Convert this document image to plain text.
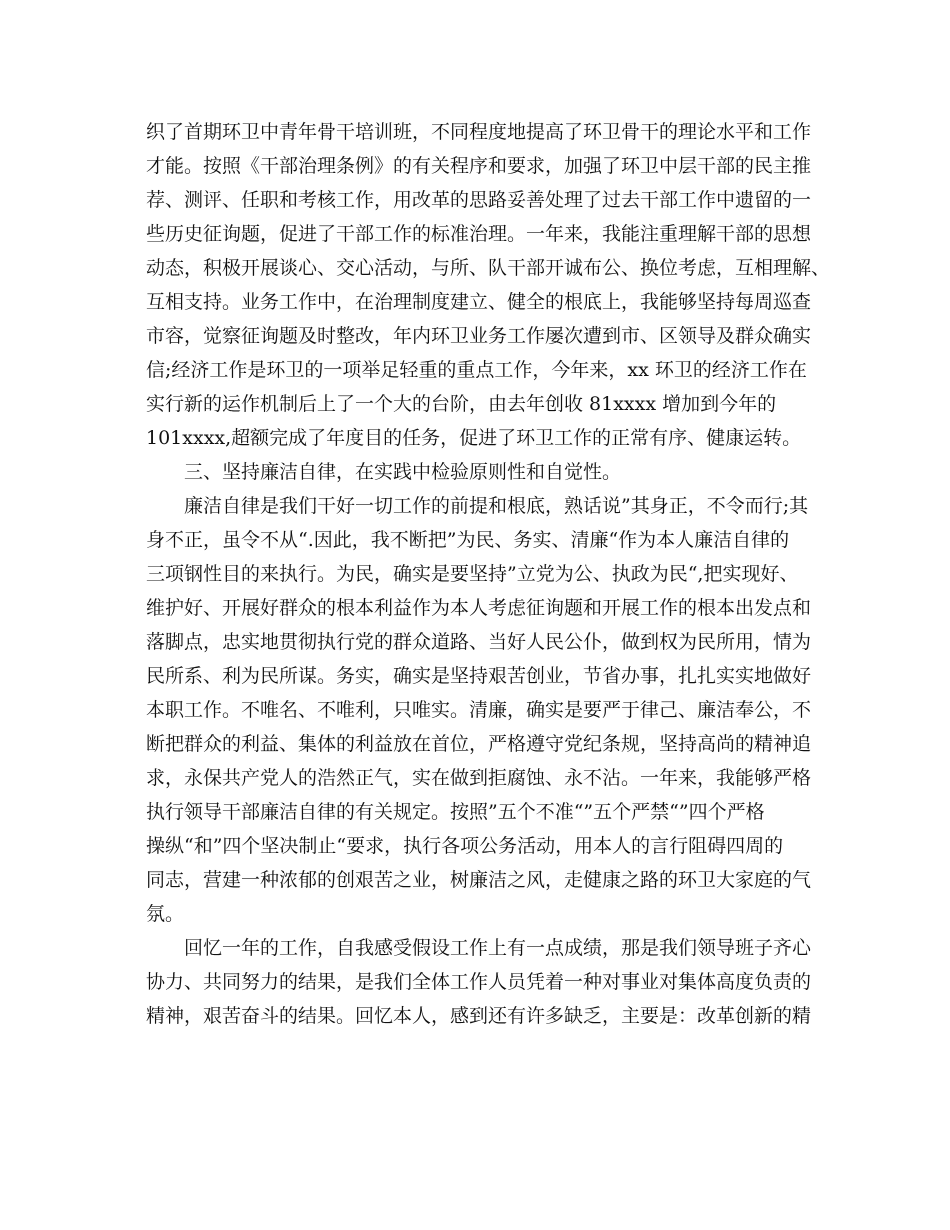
织了首期环卫中青年骨干培训班，不同程度地提高了环卫骨干的理论水平和工作
才能。按照《干部治理条例》的有关程序和要求，加强了环卫中层干部的民主推
荐、测评、任职和考核工作，用改革的思路妥善处理了过去干部工作中遗留的一
些历史征询题，促进了干部工作的标准治理。一年来，我能注重理解干部的思想
动态，积极开展谈心、交心活动，与所、队干部开诚布公、换位考虑，互相理解、
互相支持。业务工作中，在治理制度建立、健全的根底上，我能够坚持每周巡查
市容，觉察征询题及时整改，年内环卫业务工作屡次遭到市、区领导及群众确实
信;经济工作是环卫的一项举足轻重的重点工作，今年来，xx 环卫的经济工作在
实行新的运作机制后上了一个大的台阶，由去年创收 81xxxx 增加到今年的
101xxxx,超额完成了年度目的任务，促进了环卫工作的正常有序、健康运转。
三、坚持廉洁自律，在实践中检验原则性和自觉性。
廉洁自律是我们干好一切工作的前提和根底，熟话说”其身正，不令而行;其
身不正，虽令不从“.因此，我不断把”为民、务实、清廉“作为本人廉洁自律的
三项钢性目的来执行。为民，确实是要坚持”立党为公、执政为民“,把实现好、
维护好、开展好群众的根本利益作为本人考虑征询题和开展工作的根本出发点和
落脚点，忠实地贯彻执行党的群众道路、当好人民公仆，做到权为民所用，情为
民所系、利为民所谋。务实，确实是坚持艰苦创业，节省办事，扎扎实实地做好
本职工作。不唯名、不唯利，只唯实。清廉，确实是要严于律己、廉洁奉公，不
断把群众的利益、集体的利益放在首位，严格遵守党纪条规，坚持高尚的精神追
求，永保共产党人的浩然正气，实在做到拒腐蚀、永不沾。一年来，我能够严格
执行领导干部廉洁自律的有关规定。按照”五个不准“”五个严禁“”四个严格
操纵“和”四个坚决制止“要求，执行各项公务活动，用本人的言行阻碍四周的
同志，营建一种浓郁的创艰苦之业，树廉洁之风，走健康之路的环卫大家庭的气
氛。
回忆一年的工作，自我感受假设工作上有一点成绩，那是我们领导班子齐心
协力、共同努力的结果，是我们全体工作人员凭着一种对事业对集体高度负责的
精神，艰苦奋斗的结果。回忆本人，感到还有许多缺乏，主要是：改革创新的精
